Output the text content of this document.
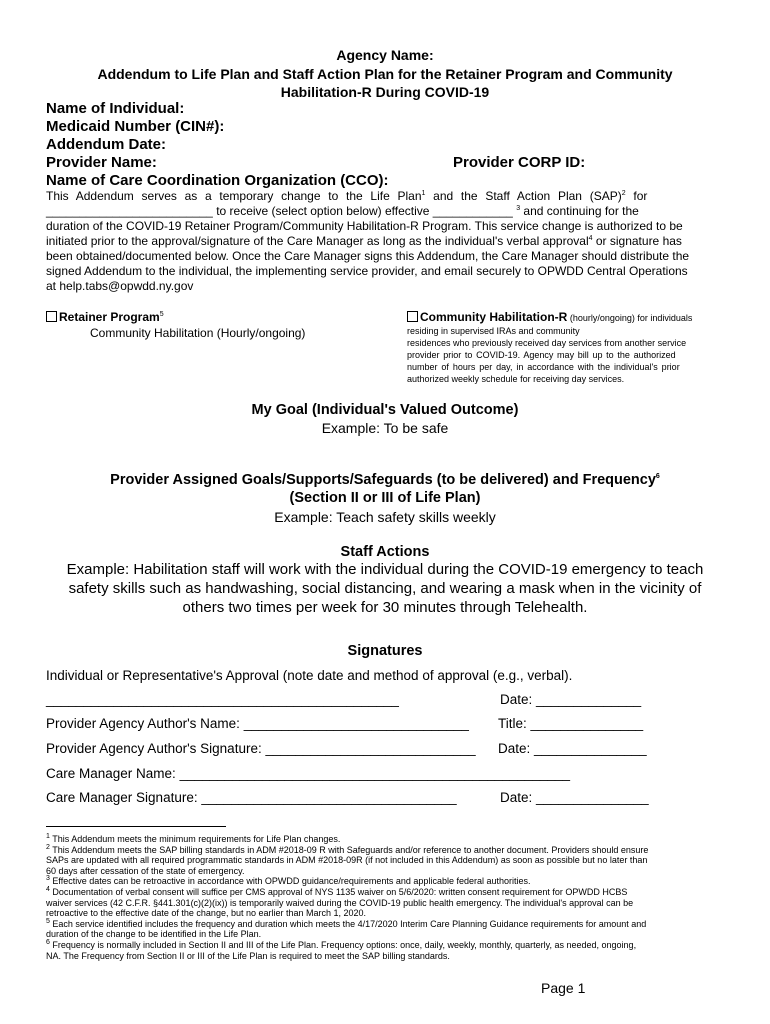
Agency Name:
Addendum to Life Plan and Staff Action Plan for the Retainer Program and Community
Habilitation-R During COVID-19
Name of Individual:
Medicaid Number (CIN#):
Addendum Date:
Provider Name:	Provider CORP ID:
Name of Care Coordination Organization (CCO):
This Addendum serves as a temporary change to the Life Plan$^1$ and the Staff Action Plan (SAP)$^2$ for
_________________________ to receive (select option below) effective ____________ $^3$ and continuing for the
duration of the COVID-19 Retainer Program/Community Habilitation-R Program. This service change is authorized to be
initiated prior to the approval/signature of the Care Manager as long as the individual's verbal approval$^4$ or signature has
been obtained/documented below. Once the Care Manager signs this Addendum, the Care Manager should distribute the
signed Addendum to the individual, the implementing service provider, and email securely to OPWDD Central Operations
at help.tabs@opwdd.ny.gov
Retainer Program$^5$
Community Habilitation (Hourly/ongoing)
Community Habilitation-R (hourly/ongoing) for individuals
residing in supervised IRAs and community
residences who previously received day services from another service
provider prior to COVID-19. Agency may bill up to the authorized
number of hours per day, in accordance with the individual's prior
authorized weekly schedule for receiving day services.
My Goal (Individual's Valued Outcome)
Example: To be safe
Provider Assigned Goals/Supports/Safeguards (to be delivered) and Frequency$^6$
(Section II or III of Life Plan)
Example: Teach safety skills weekly
Staff Actions
Example: Habilitation staff will work with the individual during the COVID-19 emergency to teach
safety skills such as handwashing, social distancing, and wearing a mask when in the vicinity of
others two times per week for 30 minutes through Telehealth.
Signatures
Individual or Representative's Approval (note date and method of approval (e.g., verbal).
_______________________________________________	Date: ______________
Provider Agency Author's Name: ______________________________ Title: _______________
Provider Agency Author's Signature: ____________________________ Date: _______________
Care Manager Name: ____________________________________________________
Care Manager Signature: __________________________________	Date: _______________
$^1$ This Addendum meets the minimum requirements for Life Plan changes.
$^2$ This Addendum meets the SAP billing standards in ADM #2018-09 R with Safeguards and/or reference to another document. Providers should ensure
SAPs are updated with all required programmatic standards in ADM #2018-09R (if not included in this Addendum) as soon as possible but no later than
60 days after cessation of the state of emergency.
$^3$ Effective dates can be retroactive in accordance with OPWDD guidance/requirements and applicable federal authorities.
$^4$ Documentation of verbal consent will suffice per CMS approval of NYS 1135 waiver on 5/6/2020: written consent requirement for OPWDD HCBS
waiver services (42 C.F.R. §441.301(c)(2)(ix)) is temporarily waived during the COVID-19 public health emergency. The individual's approval can be
retroactive to the effective date of the change, but no earlier than March 1, 2020.
$^5$ Each service identified includes the frequency and duration which meets the 4/17/2020 Interim Care Planning Guidance requirements for amount and
duration of the change to be identified in the Life Plan.
$^6$ Frequency is normally included in Section II and III of the Life Plan. Frequency options: once, daily, weekly, monthly, quarterly, as needed, ongoing,
NA. The Frequency from Section II or III of the Life Plan is required to meet the SAP billing standards.
Page 1
